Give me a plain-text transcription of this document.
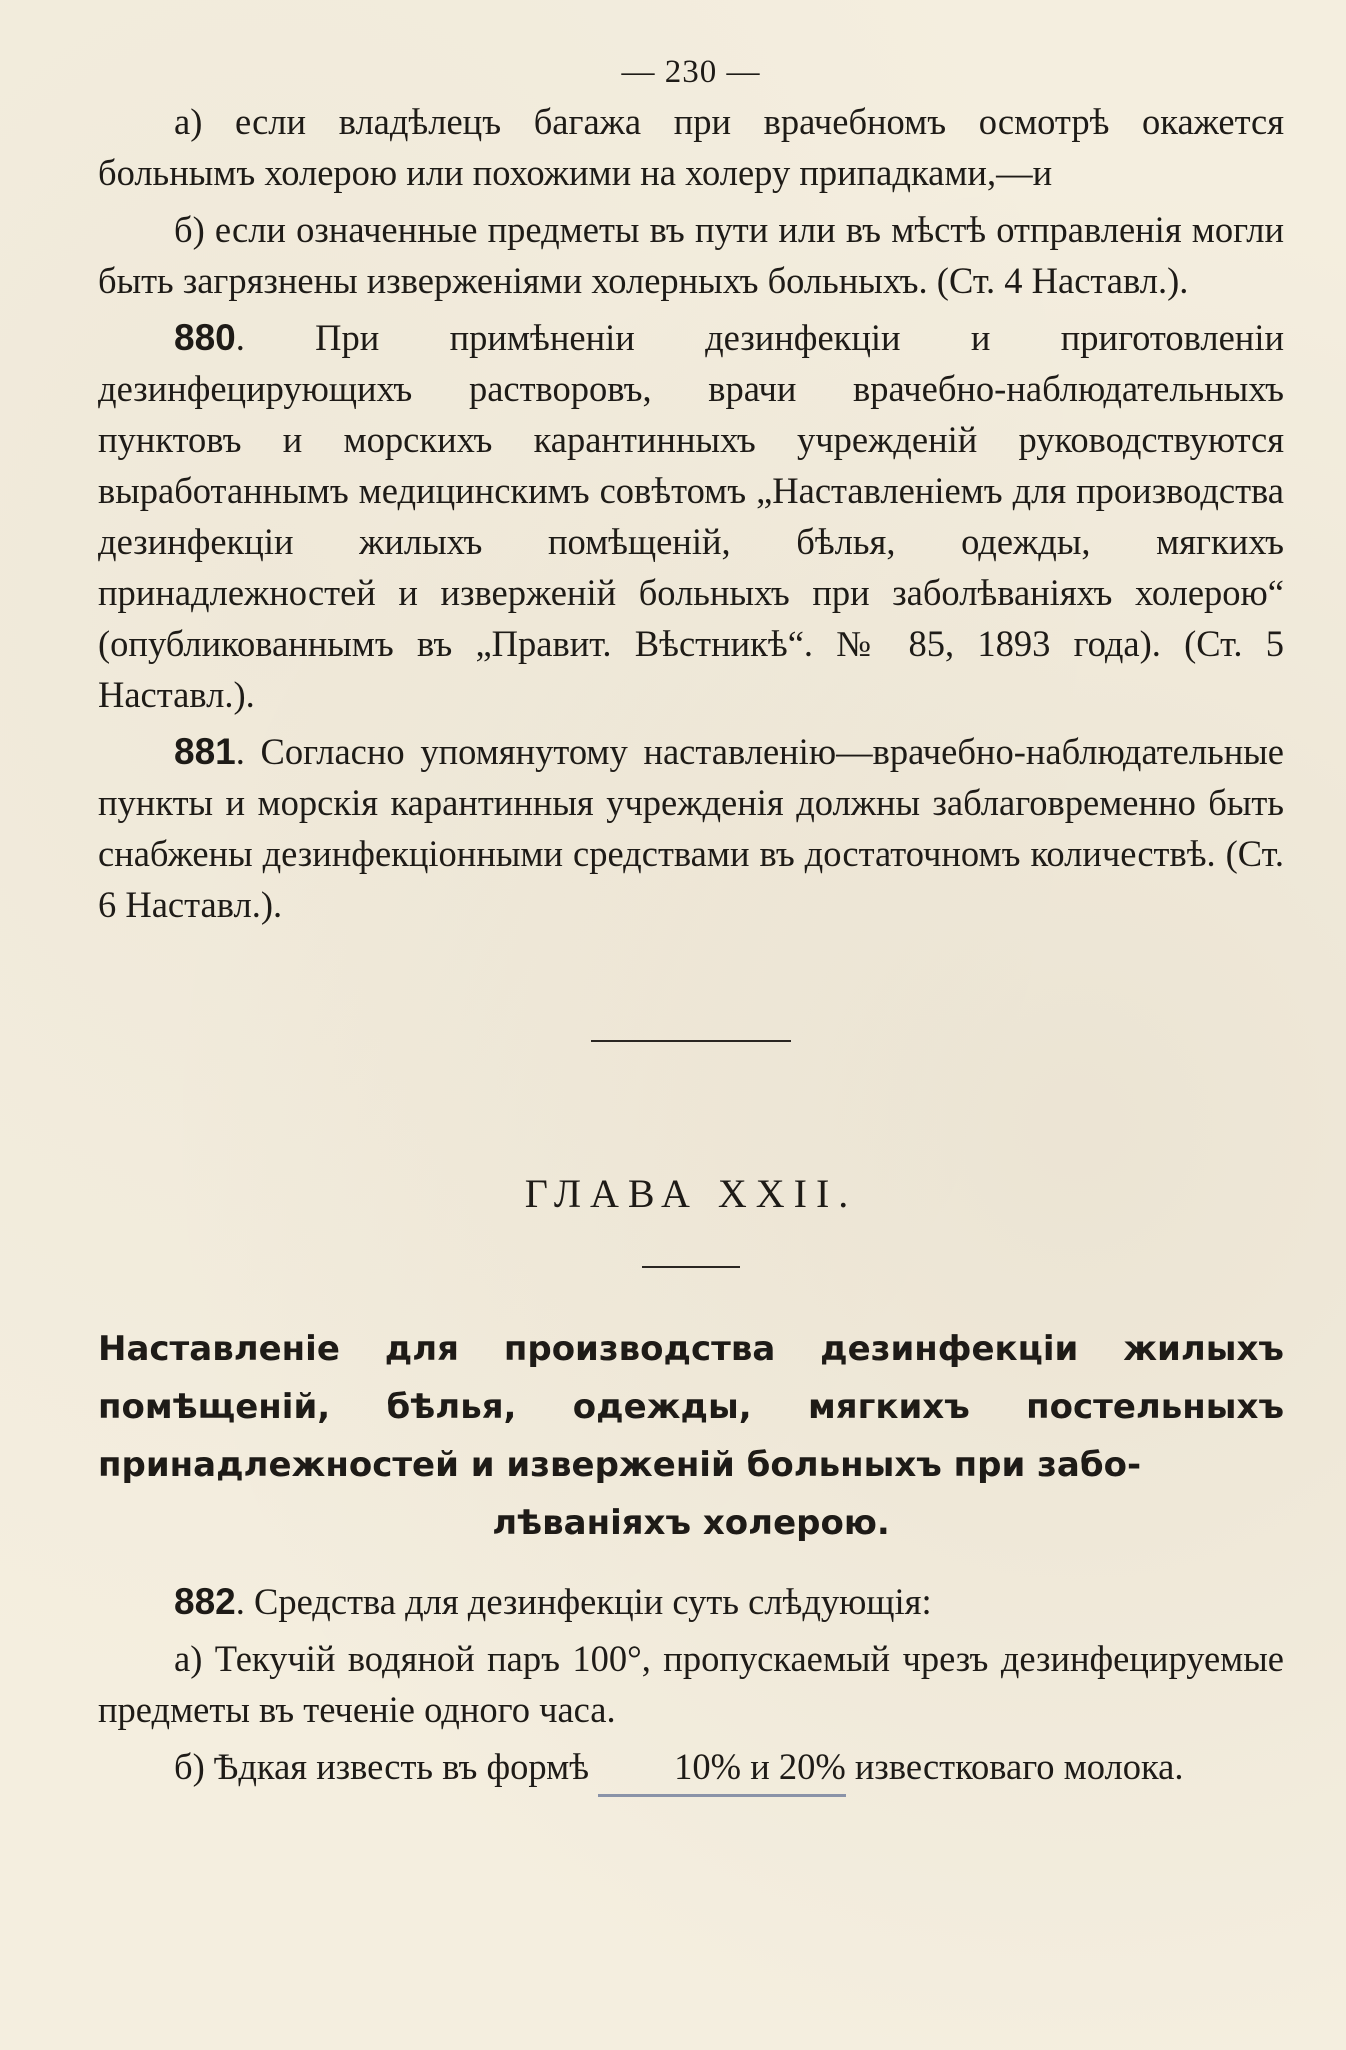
— 230 —

а) если владѣлецъ багажа при врачебномъ осмотрѣ окажется больнымъ холерою или похожими на холеру припадками,—и

б) если означенные предметы въ пути или въ мѣстѣ отправленія могли быть загрязнены изверженіями холерныхъ больныхъ. (Ст. 4 Наставл.).

880. При примѣненіи дезинфекціи и приготовленіи дезинфецирующихъ растворовъ, врачи врачебно-наблюдательныхъ пунктовъ и морскихъ карантинныхъ учрежденій руководствуются выработаннымъ медицинскимъ совѣтомъ „Наставленіемъ для производства дезинфекціи жилыхъ помѣщеній, бѣлья, одежды, мягкихъ принадлежностей и изверженій больныхъ при заболѣваніяхъ холерою“ (опубликованнымъ въ „Правит. Вѣстникѣ“. № 85, 1893 года). (Ст. 5 Наставл.).

881. Согласно упомянутому наставленію—врачебно-наблюдательные пункты и морскія карантинныя учрежденія должны заблаговременно быть снабжены дезинфекціонными средствами въ достаточномъ количествѣ. (Ст. 6 Наставл.).

ГЛАВА XXII.

Наставленіе для производства дезинфекціи жилыхъ помѣщеній, бѣлья, одежды, мягкихъ постельныхъ принадлежностей и изверженій больныхъ при забо-
лѣваніяхъ холерою.

882. Средства для дезинфекціи суть слѣдующія:

а) Текучій водяной паръ 100°, пропускаемый чрезъ дезинфецируемые предметы въ теченіе одного часа.

б) Ѣдкая известь въ формѣ 10% и 20% известковаго молока.
